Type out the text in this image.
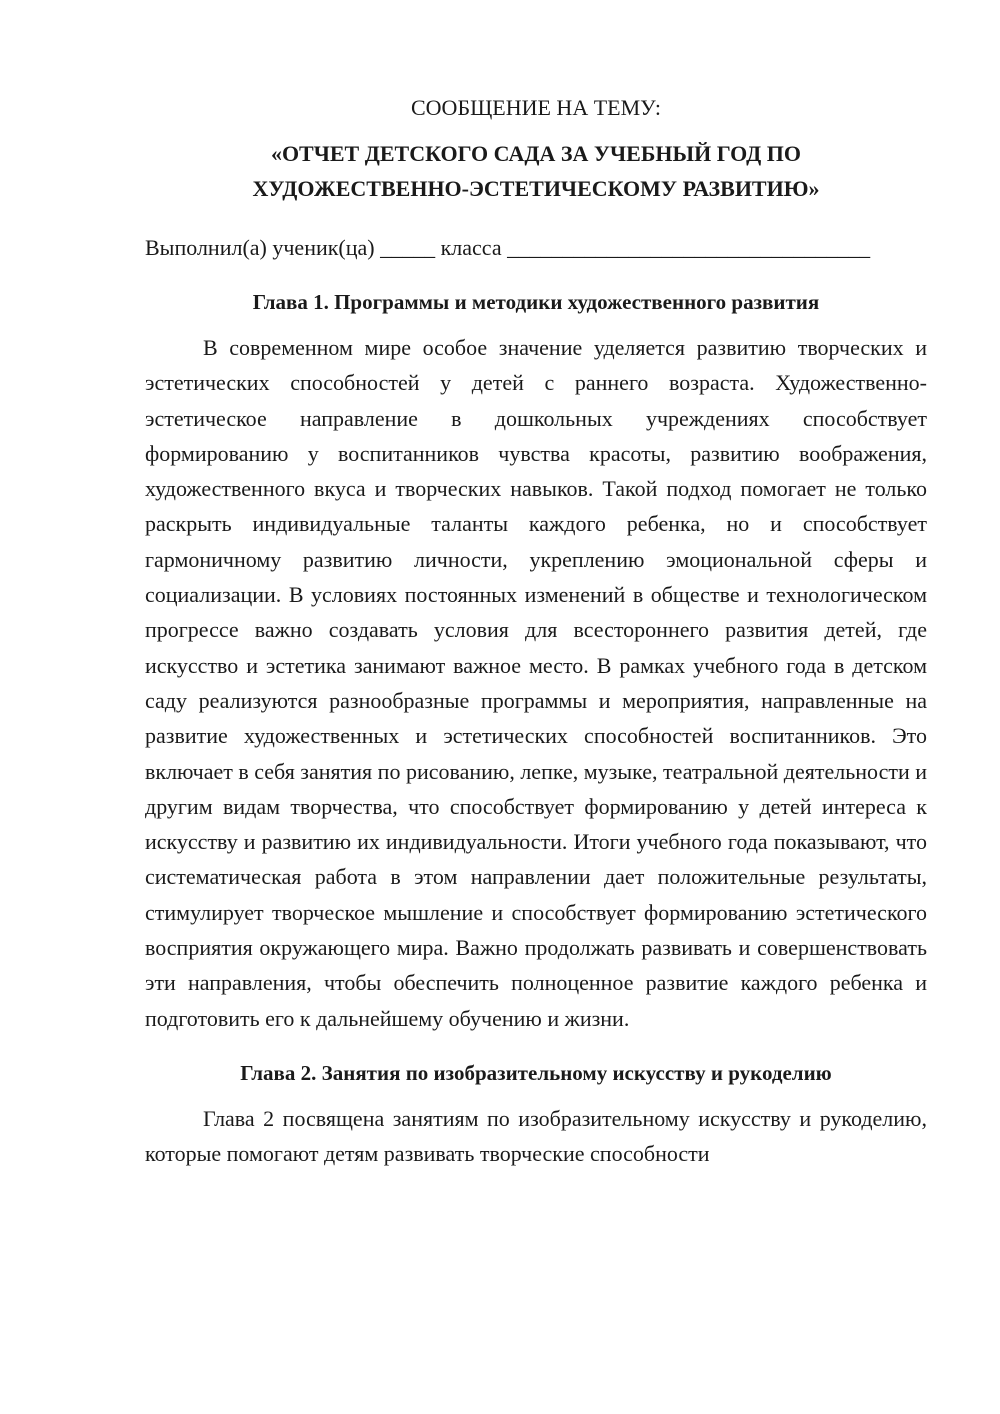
СООБЩЕНИЕ НА ТЕМУ:

«ОТЧЕТ ДЕТСКОГО САДА ЗА УЧЕБНЫЙ ГОД ПО

ХУДОЖЕСТВЕННО-ЭСТЕТИЧЕСКОМУ РАЗВИТИЮ»

Выполнил(а) ученик(ца) _____ класса _________________________________

Глава 1. Программы и методики художественного развития

В современном мире особое значение уделяется развитию творческих и эстетических способностей у детей с раннего возраста. Художественно-эстетическое направление в дошкольных учреждениях способствует формированию у воспитанников чувства красоты, развитию воображения, художественного вкуса и творческих навыков. Такой подход помогает не только раскрыть индивидуальные таланты каждого ребенка, но и способствует гармоничному развитию личности, укреплению эмоциональной сферы и социализации. В условиях постоянных изменений в обществе и технологическом прогрессе важно создавать условия для всестороннего развития детей, где искусство и эстетика занимают важное место. В рамках учебного года в детском саду реализуются разнообразные программы и мероприятия, направленные на развитие художественных и эстетических способностей воспитанников. Это включает в себя занятия по рисованию, лепке, музыке, театральной деятельности и другим видам творчества, что способствует формированию у детей интереса к искусству и развитию их индивидуальности. Итоги учебного года показывают, что систематическая работа в этом направлении дает положительные результаты, стимулирует творческое мышление и способствует формированию эстетического восприятия окружающего мира. Важно продолжать развивать и совершенствовать эти направления, чтобы обеспечить полноценное развитие каждого ребенка и подготовить его к дальнейшему обучению и жизни.

Глава 2. Занятия по изобразительному искусству и рукоделию

Глава 2 посвящена занятиям по изобразительному искусству и рукоделию, которые помогают детям развивать творческие способности
